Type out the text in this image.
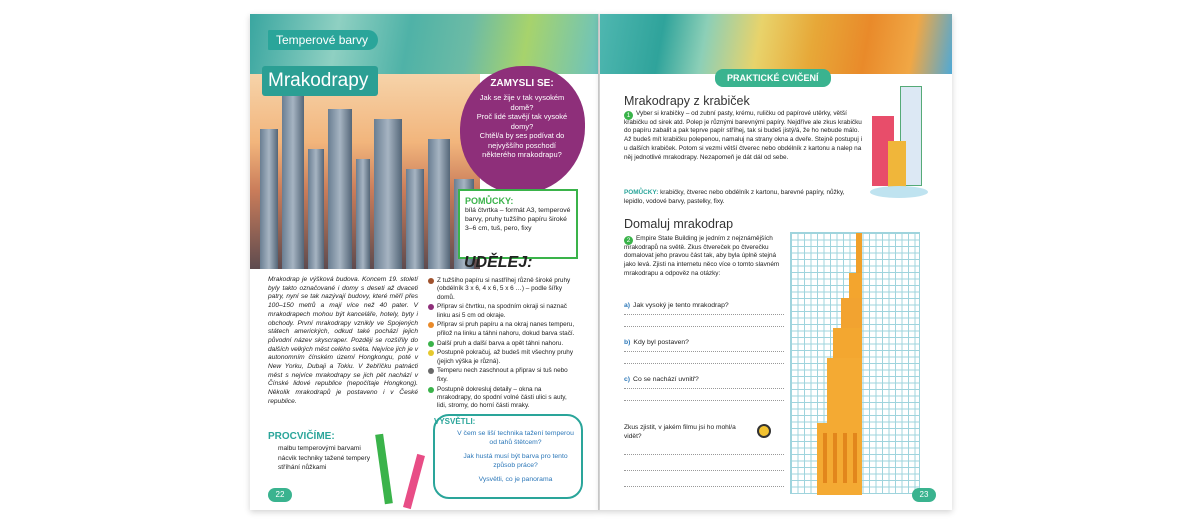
Temperové barvy
Mrakodrapy	ZAMYSLI SE:
Jak se žije v tak vysokém domě?
Proč lidé stavějí tak vysoké domy?
Chtěl/a by ses podívat do nejvyššího poschodí některého mrakodrapu?
POMŮCKY:
bílá čtvrtka – formát A3, temperové barvy, pruhy tužšího papíru široké 3–6 cm, tuš, pero, fixy
Mrakodrap je výšková budova. Koncem 19. století byly takto označované i domy s deseti až dvaceti patry, nyní se tak nazývají budovy, které měří přes 100–150 metrů a mají více než 40 pater. V mrakodrapech mohou být kanceláře, hotely, byty i obchody. První mrakodrapy vznikly ve Spojených státech amerických, odkud také pochází jejich původní název skyscraper. Později se rozšířily do dalších velkých měst celého světa. Nejvíce jich je v autonomním čínském území Hongkongu, poté v New Yorku, Dubaji a Tokiu. V žebříčku patnácti měst s nejvíce mrakodrapy se jich pět nachází v Čínské lidové republice (nepočítaje Hongkong). Několik mrakodrapů je postaveno i v České republice.
UDĚLEJ:
Z tužšího papíru si nastříhej různě široké pruhy (obdélník 3 x 6, 4 x 6, 5 x 6 …) – podle šířky domů.
Připrav si čtvrtku, na spodním okraji si naznač linku asi 5 cm od okraje.
Připrav si pruh papíru a na okraj nanes temperu, přilož na linku a táhni nahoru, dokud barva stačí.
Další pruh a další barva a opět táhni nahoru.
Postupně pokračuj, až budeš mít všechny pruhy (jejich výška je různá).
Temperu nech zaschnout a připrav si tuš nebo fixy.
Postupně dokresluj detaily – okna na mrakodrapy, do spodní volné části ulici s auty, lidi, stromy, do horní části mraky.
PROCVIČÍME:
malbu temperovými barvami
nácvik techniky tažené tempery
stříhání nůžkami
VYSVĚTLI:
V čem se liší technika tažení temperou od tahů štětcem?
Jak hustá musí být barva pro tento způsob práce?
Vysvětli, co je panorama
22
PRAKTICKÉ CVIČENÍ
Mrakodrapy z krabiček
1 Vyber si krabičky – od zubní pasty, krému, ruličku od papírové utěrky, větší krabičku od sirek atd. Polep je různými barevnými papíry. Nejdříve ale zkus krabičku do papíru zabalit a pak teprve papír stříhej, tak si budeš jistý/á, že ho nebude málo. Až budeš mít krabičku polepenou, namaluj na strany okna a dveře. Stejně postupuj i u dalších krabiček. Potom si vezmi větší čtverec nebo obdélník z kartonu a nalep na něj jednotlivé mrakodrapy. Nezapomeň je dát dál od sebe.
POMŮCKY: krabičky, čtverec nebo obdélník z kartonu, barevné papíry, nůžky, lepidlo, vodové barvy, pastelky, fixy.
Domaluj mrakodrap
2 Empire State Building je jedním z nejznámějších mrakodrapů na světě. Zkus čtvereček po čtverečku domalovat jeho pravou část tak, aby byla úplně stejná jako levá. Zjisti na internetu něco více o tomto slavném mrakodrapu a odpověz na otázky:
a) Jak vysoký je tento mrakodrap?
b) Kdy byl postaven?
c) Co se nachází uvnitř?
Zkus zjistit, v jakém filmu jsi ho mohl/a vidět?
23
